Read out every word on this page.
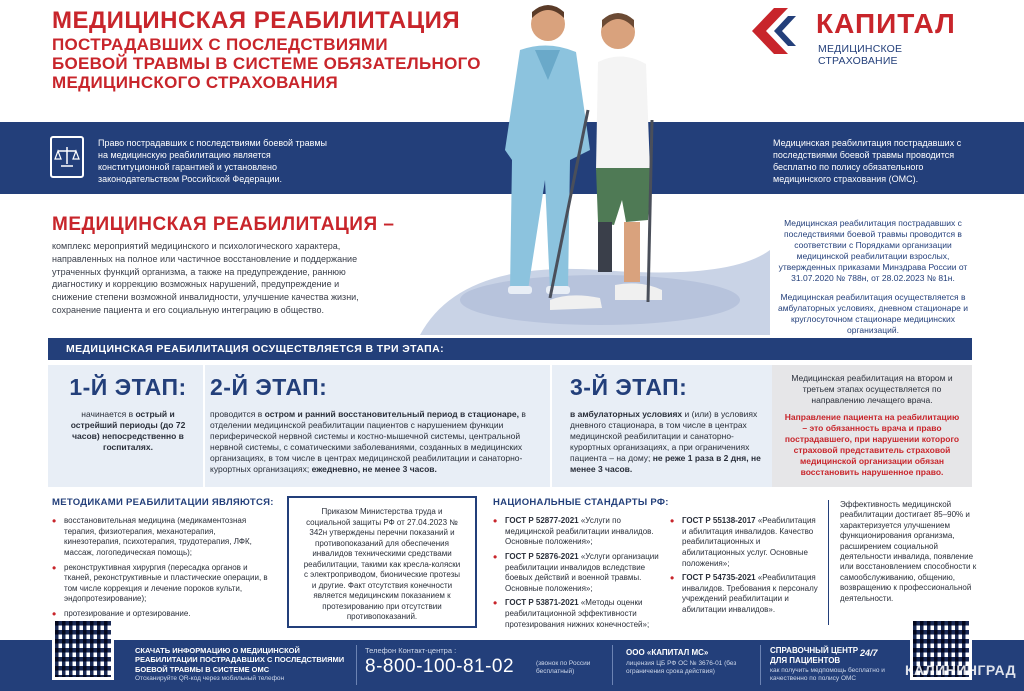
МЕДИЦИНСКАЯ РЕАБИЛИТАЦИЯ
ПОСТРАДАВШИХ С ПОСЛЕДСТВИЯМИ
БОЕВОЙ ТРАВМЫ В СИСТЕМЕ ОБЯЗАТЕЛЬНОГО
МЕДИЦИНСКОГО СТРАХОВАНИЯ
КАПИТАЛ
МЕДИЦИНСКОЕ СТРАХОВАНИЕ

Право пострадавших с последствиями боевой травмы на медицинскую реабилитацию является конституционной гарантией и установлено законодательством Российской Федерации.

Медицинская реабилитация пострадавших с последствиями боевой травмы проводится бесплатно по полису обязательного медицинского страхования (ОМС).

МЕДИЦИНСКАЯ РЕАБИЛИТАЦИЯ –

комплекс мероприятий медицинского и психологического характера, направленных на полное или частичное восстановление и поддержание утраченных функций организма, а также на предупреждение, раннюю диагностику и коррекцию возможных нарушений, предупреждение и снижение степени возможной инвалидности, улучшение качества жизни, сохранение пациента и его социальную интеграцию в общество.

Медицинская реабилитация пострадавших с последствиями боевой травмы проводится в соответствии с Порядками организации медицинской реабилитации взрослых, утвержденных приказами Минздрава России от 31.07.2020 № 788н, от 28.02.2023 № 81н.

Медицинская реабилитация осуществляется в амбулаторных условиях, дневном стационаре и круглосуточном стационаре медицинских организаций.

МЕДИЦИНСКАЯ РЕАБИЛИТАЦИЯ ОСУЩЕСТВЛЯЕТСЯ В ТРИ ЭТАПА:
1-Й ЭТАП:

начинается в острый и острейший периоды (до 72 часов) непосредственно в госпиталях.

2-Й ЭТАП:

проводится в остром и ранний восстановительный период в стационаре, в отделении медицинской реабилитации пациентов с нарушением функции периферической нервной системы и костно-мышечной системы, центральной нервной системы, с соматическими заболеваниями, созданных в медицинских организациях, в том числе в центрах медицинской реабилитации и санаторно-курортных организациях; ежедневно, не менее 3 часов.

3-Й ЭТАП:

в амбулаторных условиях и (или) в условиях дневного стационара, в том числе в центрах медицинской реабилитации и санаторно-курортных организациях, а при ограничениях пациента – на дому; не реже 1 раза в 2 дня, не менее 3 часов.

Медицинская реабилитация на втором и третьем этапах осуществляется по направлению лечащего врача.

Направление пациента на реабилитацию – это обязанность врача и право пострадавшего, при нарушении которого страховой представитель страховой медицинской организации обязан восстановить нарушенное право.

МЕТОДИКАМИ РЕАБИЛИТАЦИИ ЯВЛЯЮТСЯ:
• восстановительная медицина (медикаментозная терапия, физиотерапия, механотерапия, кинезотерапия, психотерапия, трудотерапия, ЛФК, массаж, логопедическая помощь);
• реконструктивная хирургия (пересадка органов и тканей, реконструктивные и пластические операции, в том числе коррекция и лечение пороков культи, эндопротезирование);
• протезирование и ортезирование.
Приказом Министерства труда и социальной защиты РФ от 27.04.2023 № 342н утверждены перечни показаний и противопоказаний для обеспечения инвалидов техническими средствами реабилитации, такими как кресла-коляски с электроприводом, бионические протезы и другие. Факт отсутствия конечности является медицинским показанием к протезированию при отсутствии противопоказаний.
НАЦИОНАЛЬНЫЕ СТАНДАРТЫ РФ:
• ГОСТ Р 52877-2021 «Услуги по медицинской реабилитации инвалидов. Основные положения»;
• ГОСТ Р 52876-2021 «Услуги организации реабилитации инвалидов вследствие боевых действий и военной травмы. Основные положения»;
• ГОСТ Р 53871-2021 «Методы оценки реабилитационной эффективности протезирования нижних конечностей»;
• ГОСТ Р 55138-2017 «Реабилитация и абилитация инвалидов. Качество реабилитационных и абилитационных услуг. Основные положения»;
• ГОСТ Р 54735-2021 «Реабилитация инвалидов. Требования к персоналу учреждений реабилитации и абилитации инвалидов».

Эффективность медицинской реабилитации достигает 85–90% и характеризуется улучшением функционирования организма, расширением социальной деятельности инвалида, появление или восстановлением способности к самообслуживанию, общению, возвращению к профессиональной деятельности.

СКАЧАТЬ ИНФОРМАЦИЮ О МЕДИЦИНСКОЙ РЕАБИЛИТАЦИИ ПОСТРАДАВШИХ С ПОСЛЕДСТВИЯМИ БОЕВОЙ ТРАВМЫ В СИСТЕМЕ ОМС
Отсканируйте QR-код через мобильный телефон
Телефон Контакт-центра :
8-800-100-81-02	(звонок по России бесплатный)
ООО «КАПИТАЛ МС»
лицензия ЦБ РФ ОС № 3676-01 (без ограничения срока действия)
СПРАВОЧНЫЙ ЦЕНТР ДЛЯ ПАЦИЕНТОВ
24/7
как получить медпомощь бесплатно и качественно по полису ОМС
КАЛИНИНГРАД
